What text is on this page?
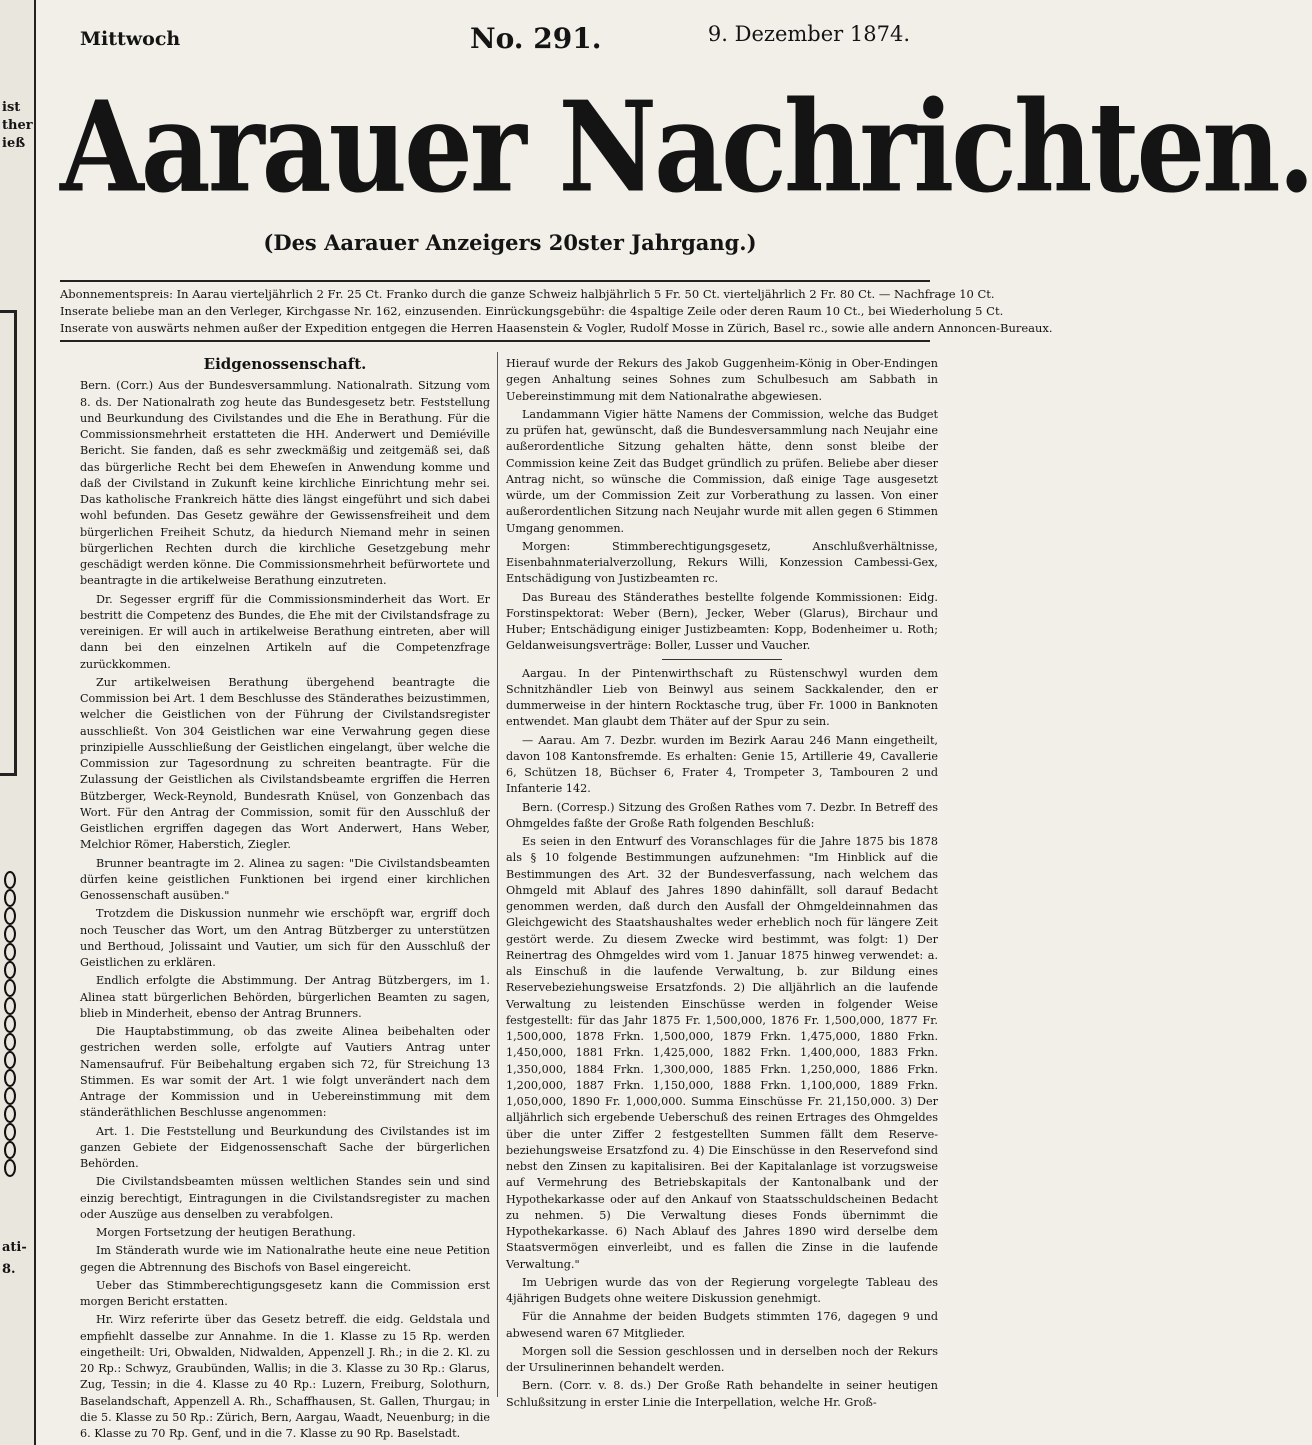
ist
ther
ieß
ati-
8.
Mittwoch	No. 291.	9. Dezember 1874.
Aarauer Nachrichten.
(Des Aarauer Anzeigers 20ster Jahrgang.)
Abonnementspreis: In Aarau vierteljährlich 2 Fr. 25 Ct. Franko durch die ganze Schweiz halbjährlich 5 Fr. 50 Ct. vierteljährlich 2 Fr. 80 Ct. — Nachfrage 10 Ct.
Inserate beliebe man an den Verleger, Kirchgasse Nr. 162, einzusenden. Einrückungsgebühr: die 4spaltige Zeile oder deren Raum 10 Ct., bei Wiederholung 5 Ct.
Inserate von auswärts nehmen außer der Expedition entgegen die Herren Haasenstein & Vogler, Rudolf Mosse in Zürich, Basel rc., sowie alle andern Annoncen-Bureaux.
Eidgenossenschaft.

Bern. (Corr.) Aus der Bundesversammlung. Nationalrath. Sitzung vom 8. ds. Der Nationalrath zog heute das Bundesgesetz betr. Feststellung und Beurkundung des Civilstandes und die Ehe in Berathung. Für die Commissionsmehrheit erstatteten die HH. Anderwert und Demiéville Bericht. Sie fanden, daß es sehr zweckmäßig und zeitgemäß sei, daß das bürgerliche Recht bei dem Eheweſen in Anwendung komme und daß der Civilstand in Zukunft keine kirchliche Einrichtung mehr sei. Das katholische Frankreich hätte dies längst eingeführt und sich dabei wohl befunden. Das Gesetz gewähre der Gewissensfreiheit und dem bürgerlichen Freiheit Schutz, da hiedurch Niemand mehr in seinen bürgerlichen Rechten durch die kirchliche Gesetzgebung mehr geschädigt werden könne. Die Commissionsmehrheit befürwortete und beantragte in die artikelweise Berathung einzutreten.

Dr. Segesser ergriff für die Commissionsminderheit das Wort. Er bestritt die Competenz des Bundes, die Ehe mit der Civilstandsfrage zu vereinigen. Er will auch in artikelweise Berathung eintreten, aber will dann bei den einzelnen Artikeln auf die Competenzfrage zurückkommen.

Zur artikelweisen Berathung übergehend beantragte die Commission bei Art. 1 dem Beschlusse des Ständerathes beizustimmen, welcher die Geistlichen von der Führung der Civilstandsregister ausschließt. Von 304 Geistlichen war eine Verwahrung gegen diese prinzipielle Ausschließung der Geistlichen eingelangt, über welche die Commission zur Tagesordnung zu schreiten beantragte. Für die Zulassung der Geistlichen als Civilstandsbeamte ergriffen die Herren Bützberger, Weck-Reynold, Bundesrath Knüsel, von Gonzenbach das Wort. Für den Antrag der Commission, somit für den Ausschluß der Geistlichen ergriffen dagegen das Wort Anderwert, Hans Weber, Melchior Römer, Haberstich, Ziegler.

Brunner beantragte im 2. Alinea zu sagen: "Die Civilstandsbeamten dürfen keine geistlichen Funktionen bei irgend einer kirchlichen Genossenschaft ausüben."

Trotzdem die Diskussion nunmehr wie erschöpft war, ergriff doch noch Teuscher das Wort, um den Antrag Bützberger zu unterstützen und Berthoud, Jolissaint und Vautier, um sich für den Ausschluß der Geistlichen zu erklären.

Endlich erfolgte die Abstimmung. Der Antrag Bützbergers, im 1. Alinea statt bürgerlichen Behörden, bürgerlichen Beamten zu sagen, blieb in Minderheit, ebenso der Antrag Brunners.

Die Hauptabstimmung, ob das zweite Alinea beibehalten oder gestrichen werden solle, erfolgte auf Vautiers Antrag unter Namensaufruf. Für Beibehaltung ergaben sich 72, für Streichung 13 Stimmen. Es war somit der Art. 1 wie folgt unverändert nach dem Antrage der Kommission und in Uebereinstimmung mit dem ständeräthlichen Beschlusse angenommen:

Art. 1. Die Feststellung und Beurkundung des Civilstandes ist im ganzen Gebiete der Eidgenossenschaft Sache der bürgerlichen Behörden.

Die Civilstandsbeamten müssen weltlichen Standes sein und sind einzig berechtigt, Eintragungen in die Civilstandsregister zu machen oder Auszüge aus denselben zu verabfolgen.

Morgen Fortsetzung der heutigen Berathung.

Im Ständerath wurde wie im Nationalrathe heute eine neue Petition gegen die Abtrennung des Bischofs von Basel eingereicht.

Ueber das Stimmberechtigungsgesetz kann die Commission erst morgen Bericht erstatten.

Hr. Wirz referirte über das Gesetz betreff. die eidg. Geldstala und empfiehlt dasselbe zur Annahme. In die 1. Klasse zu 15 Rp. werden eingetheilt: Uri, Obwalden, Nidwalden, Appenzell J. Rh.; in die 2. Kl. zu 20 Rp.: Schwyz, Graubünden, Wallis; in die 3. Klasse zu 30 Rp.: Glarus, Zug, Tessin; in die 4. Klasse zu 40 Rp.: Luzern, Freiburg, Solothurn, Baselandschaft, Appenzell A. Rh., Schaffhausen, St. Gallen, Thurgau; in die 5. Klasse zu 50 Rp.: Zürich, Bern, Aargau, Waadt, Neuenburg; in die 6. Klasse zu 70 Rp. Genf, und in die 7. Klasse zu 90 Rp. Baselstadt.

Hierauf wurde der Rekurs des Jakob Guggenheim-König in Ober-Endingen gegen Anhaltung seines Sohnes zum Schulbesuch am Sabbath in Uebereinstimmung mit dem Nationalrathe abgewiesen.

Landammann Vigier hätte Namens der Commission, welche das Budget zu prüfen hat, gewünscht, daß die Bundesversammlung nach Neujahr eine außerordentliche Sitzung gehalten hätte, denn sonst bleibe der Commission keine Zeit das Budget gründlich zu prüfen. Beliebe aber dieser Antrag nicht, so wünsche die Commission, daß einige Tage ausgesetzt würde, um der Commission Zeit zur Vorberathung zu lassen. Von einer außerordentlichen Sitzung nach Neujahr wurde mit allen gegen 6 Stimmen Umgang genommen.

Morgen: Stimmberechtigungsgesetz, Anschlußverhältnisse, Eisenbahnmaterialverzollung, Rekurs Willi, Konzession Cambessi-Gex, Entschädigung von Justizbeamten rc.

Das Bureau des Ständerathes bestellte folgende Kommissionen: Eidg. Forstinspektorat: Weber (Bern), Jecker, Weber (Glarus), Birchaur und Huber; Entschädigung einiger Justizbeamten: Kopp, Bodenheimer u. Roth; Geldanweisungsverträge: Boller, Lusser und Vaucher.

Aargau. In der Pintenwirthschaft zu Rüstenschwyl wurden dem Schnitzhändler Lieb von Beinwyl aus seinem Sackkalender, den er dummerweise in der hintern Rocktasche trug, über Fr. 1000 in Banknoten entwendet. Man glaubt dem Thäter auf der Spur zu sein.

— Aarau. Am 7. Dezbr. wurden im Bezirk Aarau 246 Mann eingetheilt, davon 108 Kantonsfremde. Es erhalten: Genie 15, Artillerie 49, Cavallerie 6, Schützen 18, Büchser 6, Frater 4, Trompeter 3, Tambouren 2 und Infanterie 142.

Bern. (Corresp.) Sitzung des Großen Rathes vom 7. Dezbr. In Betreff des Ohmgeldes faßte der Große Rath folgenden Beschluß:

Es seien in den Entwurf des Voranschlages für die Jahre 1875 bis 1878 als § 10 folgende Bestimmungen aufzunehmen: "Im Hinblick auf die Bestimmungen des Art. 32 der Bundesverfassung, nach welchem das Ohmgeld mit Ablauf des Jahres 1890 dahinfällt, soll darauf Bedacht genommen werden, daß durch den Ausfall der Ohmgeldeinnahmen das Gleichgewicht des Staatshaushaltes weder erheblich noch für längere Zeit gestört werde. Zu diesem Zwecke wird bestimmt, was folgt: 1) Der Reinertrag des Ohmgeldes wird vom 1. Januar 1875 hinweg verwendet: a. als Einschuß in die laufende Verwaltung, b. zur Bildung eines Reservebeziehungsweise Ersatzfonds. 2) Die alljährlich an die laufende Verwaltung zu leistenden Einschüsse werden in folgender Weise festgestellt: für das Jahr 1875 Fr. 1,500,000, 1876 Fr. 1,500,000, 1877 Fr. 1,500,000, 1878 Frkn. 1,500,000, 1879 Frkn. 1,475,000, 1880 Frkn. 1,450,000, 1881 Frkn. 1,425,000, 1882 Frkn. 1,400,000, 1883 Frkn. 1,350,000, 1884 Frkn. 1,300,000, 1885 Frkn. 1,250,000, 1886 Frkn. 1,200,000, 1887 Frkn. 1,150,000, 1888 Frkn. 1,100,000, 1889 Frkn. 1,050,000, 1890 Fr. 1,000,000. Summa Einschüsse Fr. 21,150,000. 3) Der alljährlich sich ergebende Ueberschuß des reinen Ertrages des Ohmgeldes über die unter Ziffer 2 festgestellten Summen fällt dem Reserve- beziehungsweise Ersatzfond zu. 4) Die Einschüsse in den Reservefond sind nebst den Zinsen zu kapitalisiren. Bei der Kapitalanlage ist vorzugsweise auf Vermehrung des Betriebskapitals der Kantonalbank und der Hypothekarkasse oder auf den Ankauf von Staatsschuldscheinen Bedacht zu nehmen. 5) Die Verwaltung dieses Fonds übernimmt die Hypothekarkasse. 6) Nach Ablauf des Jahres 1890 wird derselbe dem Staatsvermögen einverleibt, und es fallen die Zinse in die laufende Verwaltung."

Im Uebrigen wurde das von der Regierung vorgelegte Tableau des 4jährigen Budgets ohne weitere Diskussion genehmigt.

Für die Annahme der beiden Budgets stimmten 176, dagegen 9 und abwesend waren 67 Mitglieder.

Morgen soll die Session geschlossen und in derselben noch der Rekurs der Ursulinerinnen behandelt werden.

Bern. (Corr. v. 8. ds.) Der Große Rath behandelte in seiner heutigen Schlußsitzung in erster Linie die Interpellation, welche Hr. Groß-
